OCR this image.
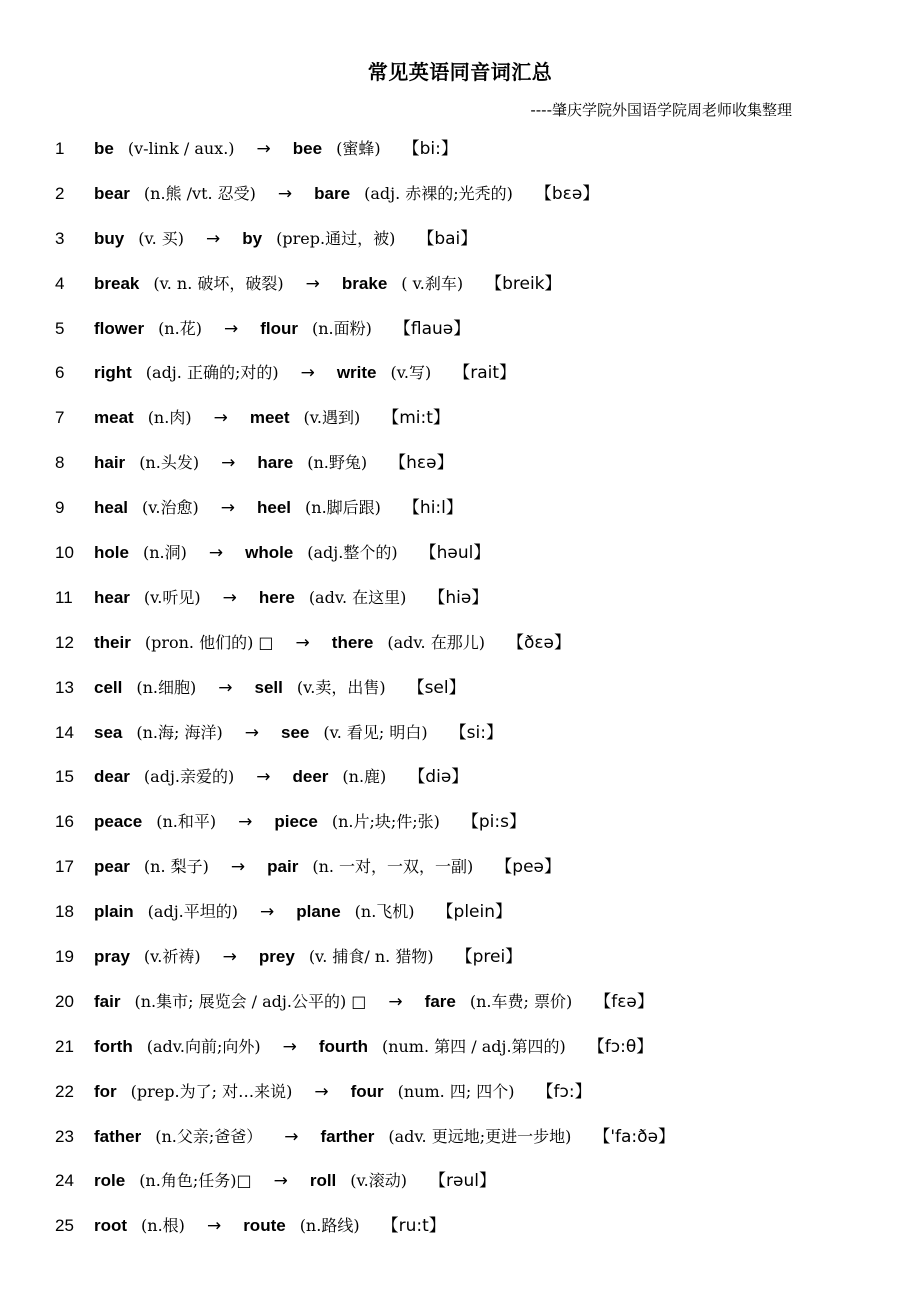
常见英语同音词汇总
----肇庆学院外国语学院周老师收集整理
1	be (v-link / aux.) → bee (蜜蜂) 【bi:】
2	bear (n.熊 /vt. 忍受) → bare (adj. 赤裸的;光秃的) 【bεə】
3	buy (v. 买) → by (prep.通过，被) 【bai】
4	break (v. n. 破坏，破裂) → brake ( v.刹车) 【breik】
5	flower (n.花) → flour (n.面粉) 【flauə】
6	right (adj. 正确的;对的) → write (v.写) 【rait】
7	meat (n.肉) → meet (v.遇到) 【mi:t】
8	hair (n.头发) → hare (n.野兔) 【hεə】
9	heal (v.治愈) → heel (n.脚后跟) 【hi:l】
10 hole (n.洞) → whole (adj.整个的) 【həul】
11	hear (v.听见) → here (adv. 在这里) 【hiə】
12 their (pron. 他们的) □ → there (adv. 在那儿) 【ðεə】
13 cell (n.细胞) → sell (v.卖，出售) 【sel】
14 sea (n.海; 海洋) → see (v. 看见; 明白) 【si:】
15 dear (adj.亲爱的) → deer (n.鹿) 【diə】
16 peace (n.和平) → piece (n.片;块;件;张) 【pi:s】
17 pear (n. 梨子) → pair (n. 一对，一双，一副) 【peə】
18 plain (adj.平坦的) → plane (n.飞机) 【plein】
19 pray (v.祈祷) → prey (v. 捕食/ n. 猎物) 【prei】
20 fair (n.集市; 展览会 / adj.公平的) □ → fare (n.车费; 票价) 【fεə】
21 forth (adv.向前;向外) → fourth (num. 第四 / adj.第四的) 【fɔ:θ】
22 for (prep.为了; 对…来说) → four (num. 四; 四个) 【fɔ:】
23 father (n.父亲;爸爸） → farther (adv. 更远地;更进一步地) 【'fa:ðə】
24 role (n.角色;任务)□ → roll (v.滚动) 【rəul】
25 root (n.根) → route (n.路线) 【ru:t】
